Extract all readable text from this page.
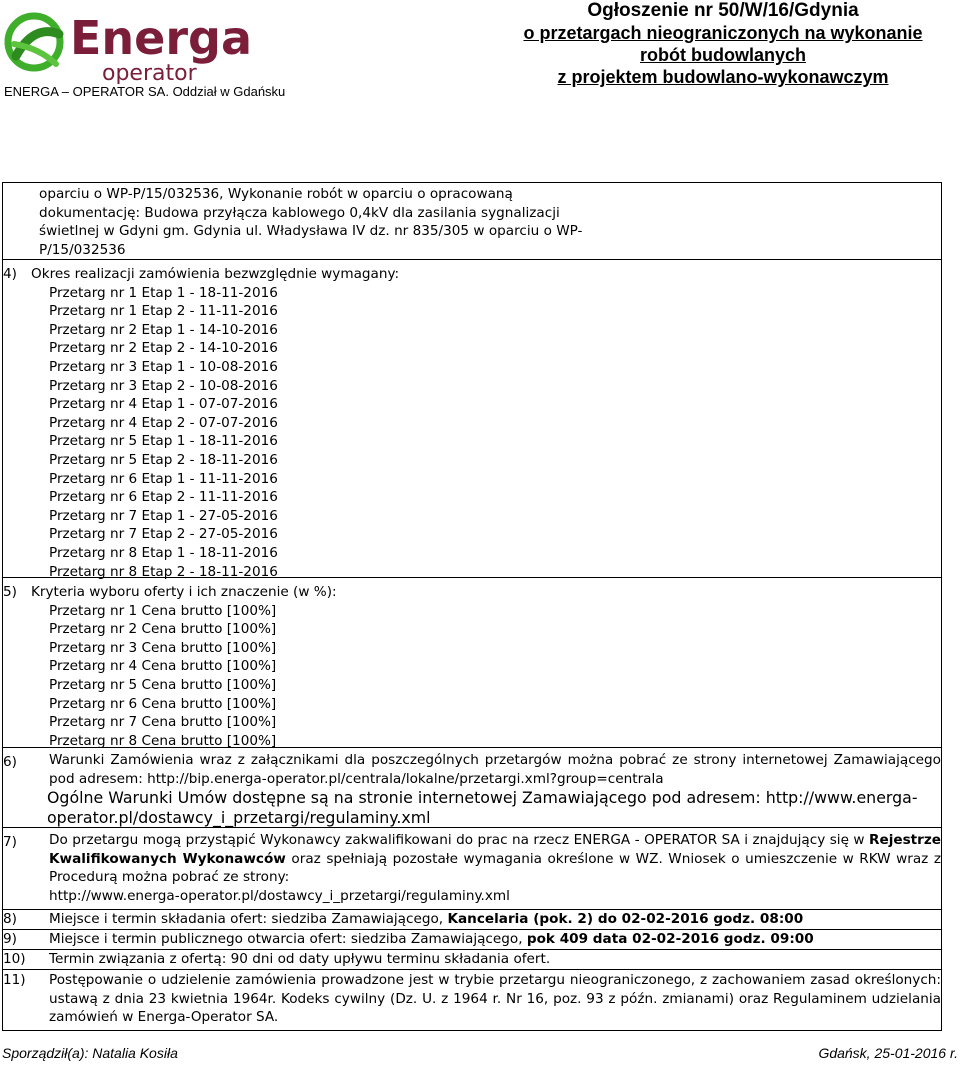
Energa
operator
ENERGA – OPERATOR SA. Oddział w Gdańsku
Ogłoszenie nr 50/W/16/Gdynia
o przetargach nieograniczonych na wykonanie
robót budowlanych
z projektem budowlano-wykonawczym
oparciu o WP-P/15/032536, Wykonanie robót w oparciu o opracowaną
dokumentację: Budowa przyłącza kablowego 0,4kV dla zasilania sygnalizacji
świetlnej w Gdyni gm. Gdynia ul. Władysława IV dz. nr 835/305 w oparciu o WP-
P/15/032536
4)	Okres realizacji zamówienia bezwzględnie wymagany:
Przetarg nr 1 Etap 1 - 18-11-2016
Przetarg nr 1 Etap 2 - 11-11-2016
Przetarg nr 2 Etap 1 - 14-10-2016
Przetarg nr 2 Etap 2 - 14-10-2016
Przetarg nr 3 Etap 1 - 10-08-2016
Przetarg nr 3 Etap 2 - 10-08-2016
Przetarg nr 4 Etap 1 - 07-07-2016
Przetarg nr 4 Etap 2 - 07-07-2016
Przetarg nr 5 Etap 1 - 18-11-2016
Przetarg nr 5 Etap 2 - 18-11-2016
Przetarg nr 6 Etap 1 - 11-11-2016
Przetarg nr 6 Etap 2 - 11-11-2016
Przetarg nr 7 Etap 1 - 27-05-2016
Przetarg nr 7 Etap 2 - 27-05-2016
Przetarg nr 8 Etap 1 - 18-11-2016
Przetarg nr 8 Etap 2 - 18-11-2016
5)	Kryteria wyboru oferty i ich znaczenie (w %):
Przetarg nr 1 Cena brutto [100%]
Przetarg nr 2 Cena brutto [100%]
Przetarg nr 3 Cena brutto [100%]
Przetarg nr 4 Cena brutto [100%]
Przetarg nr 5 Cena brutto [100%]
Przetarg nr 6 Cena brutto [100%]
Przetarg nr 7 Cena brutto [100%]
Przetarg nr 8 Cena brutto [100%]
6)	Warunki Zamówienia wraz z załącznikami dla poszczególnych przetargów można pobrać ze strony internetowej Zamawiającego pod adresem: http://bip.energa-operator.pl/centrala/lokalne/przetargi.xml?group=centrala
Ogólne Warunki Umów dostępne są na stronie internetowej Zamawiającego pod adresem: http://www.energa-operator.pl/dostawcy_i_przetargi/regulaminy.xml
7)	Do przetargu mogą przystąpić Wykonawcy zakwalifikowani do prac na rzecz ENERGA - OPERATOR SA i znajdujący się w Rejestrze Kwalifikowanych Wykonawców oraz spełniają pozostałe wymagania określone w WZ. Wniosek o umieszczenie w RKW wraz z Procedurą można pobrać ze strony:
http://www.energa-operator.pl/dostawcy_i_przetargi/regulaminy.xml
8)	Miejsce i termin składania ofert: siedziba Zamawiającego, Kancelaria (pok. 2) do 02-02-2016 godz. 08:00
9)	Miejsce i termin publicznego otwarcia ofert: siedziba Zamawiającego, pok 409 data 02-02-2016 godz. 09:00
10)	Termin związania z ofertą: 90 dni od daty upływu terminu składania ofert.
11)	Postępowanie o udzielenie zamówienia prowadzone jest w trybie przetargu nieograniczonego, z zachowaniem zasad określonych: ustawą z dnia 23 kwietnia 1964r. Kodeks cywilny (Dz. U. z 1964 r. Nr 16, poz. 93 z późn. zmianami) oraz Regulaminem udzielania zamówień w Energa-Operator SA.
Sporządził(a): Natalia Kosiła	Gdańsk, 25-01-2016 r.
